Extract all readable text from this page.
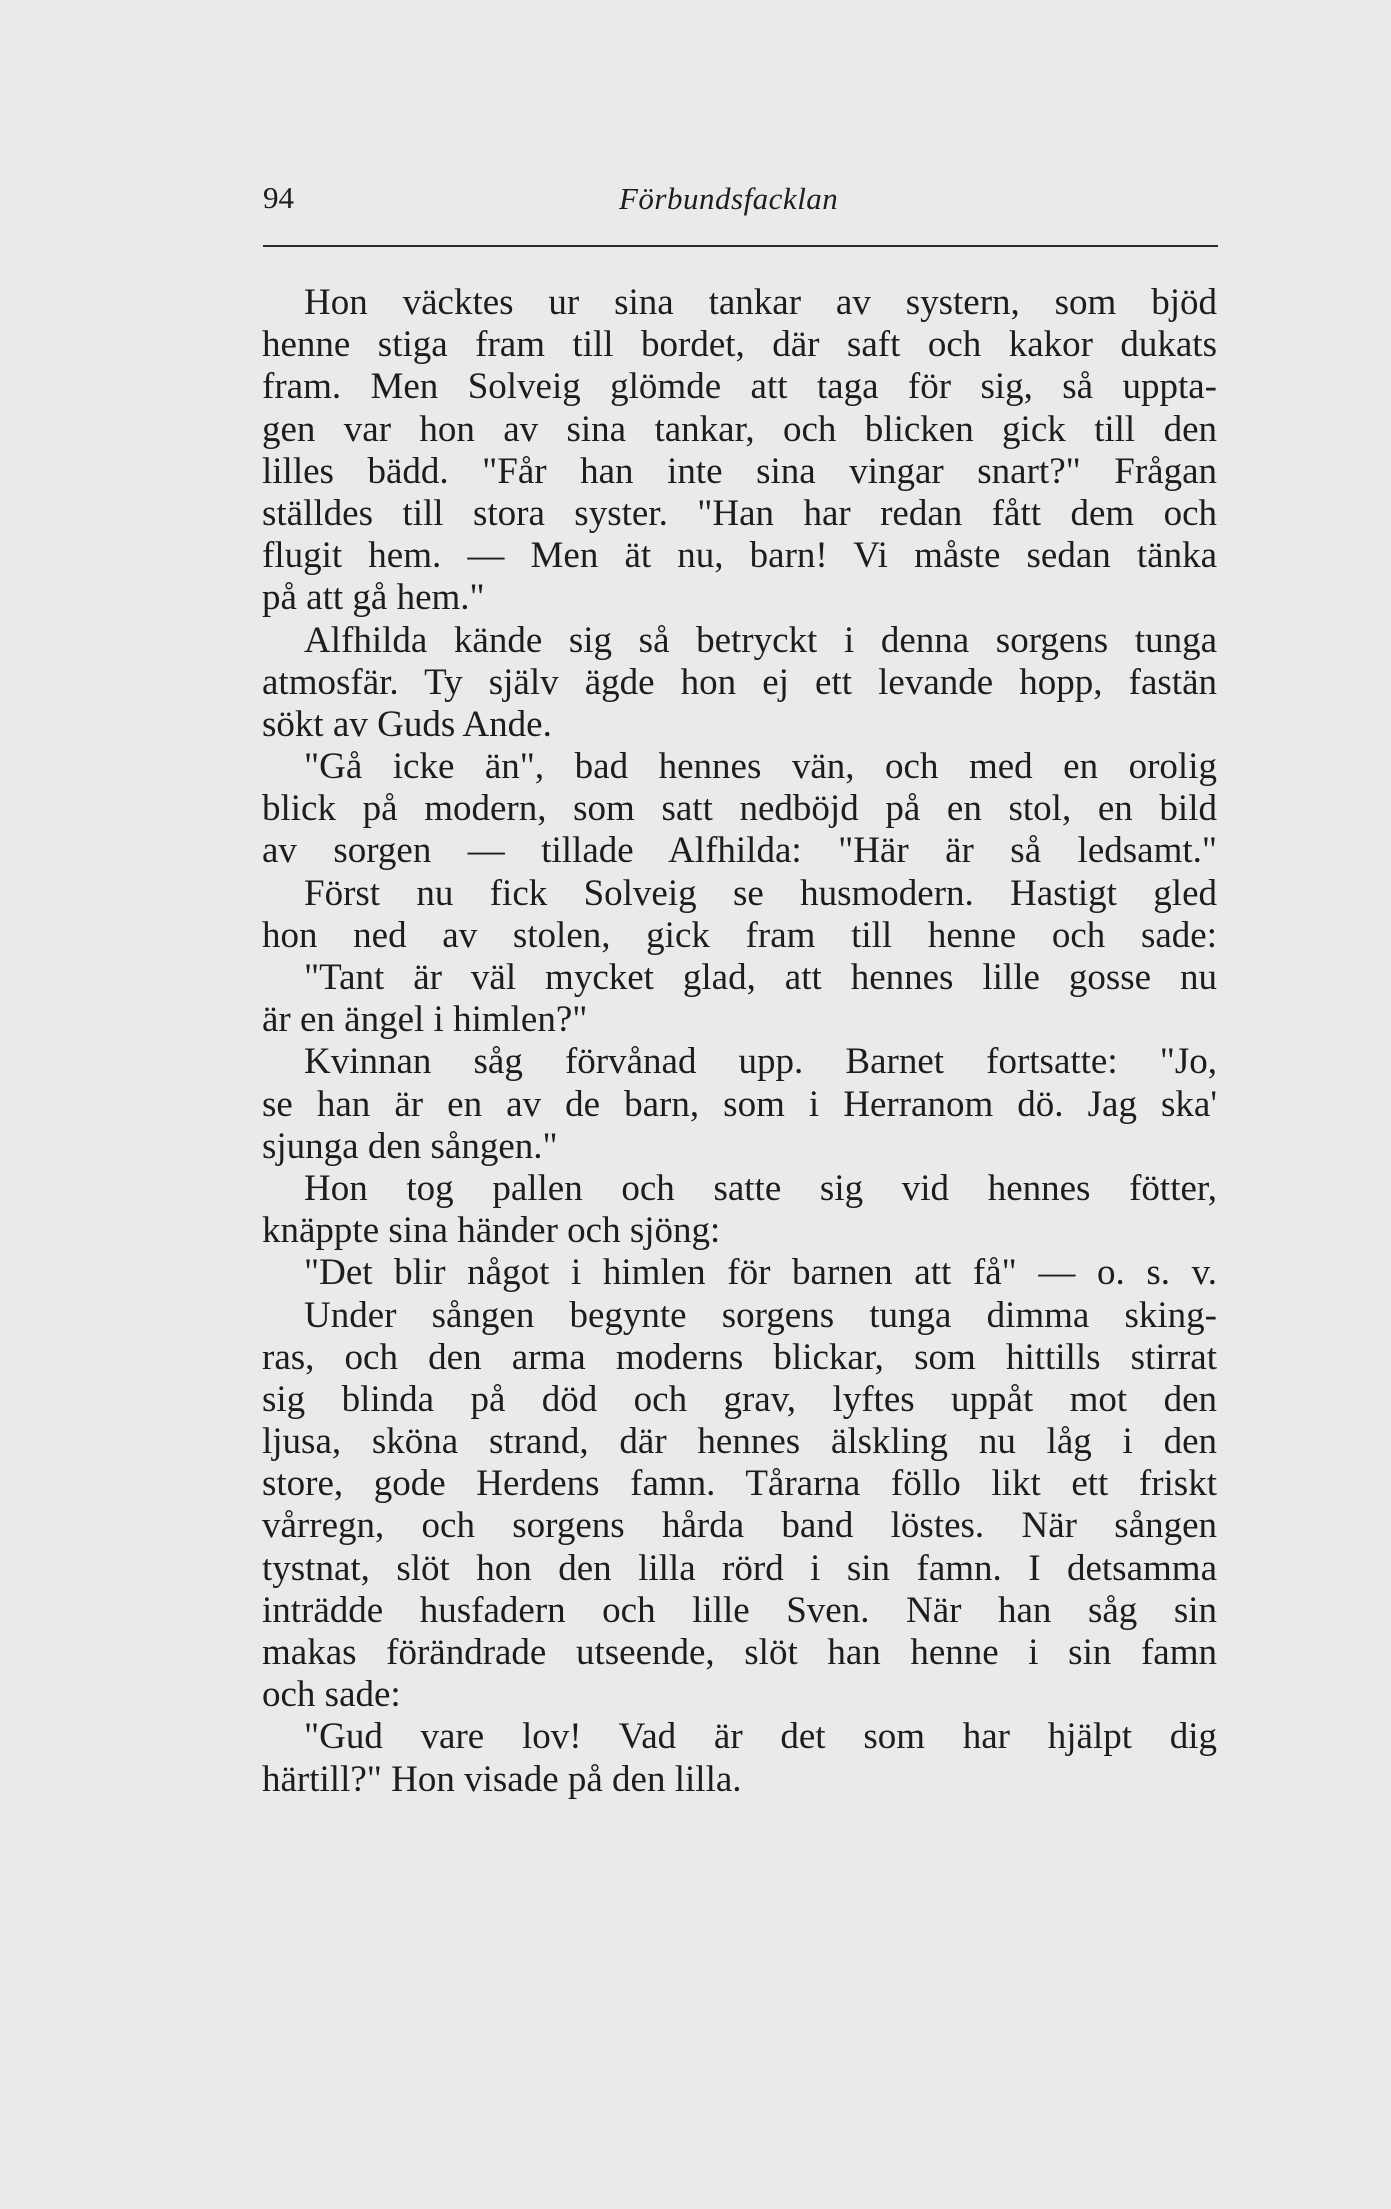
94	Förbundsfacklan
Hon väcktes ur sina tankar av systern, som bjöd
henne stiga fram till bordet, där saft och kakor dukats
fram. Men Solveig glömde att taga för sig, så uppta-
gen var hon av sina tankar, och blicken gick till den
lilles bädd. "Får han inte sina vingar snart?" Frågan
ställdes till stora syster. "Han har redan fått dem och
flugit hem. — Men ät nu, barn! Vi måste sedan tänka
på att gå hem."
Alfhilda kände sig så betryckt i denna sorgens tunga
atmosfär. Ty själv ägde hon ej ett levande hopp, fastän
sökt av Guds Ande.
"Gå icke än", bad hennes vän, och med en orolig
blick på modern, som satt nedböjd på en stol, en bild
av sorgen — tillade Alfhilda: "Här är så ledsamt."
Först nu fick Solveig se husmodern. Hastigt gled
hon ned av stolen, gick fram till henne och sade:
"Tant är väl mycket glad, att hennes lille gosse nu
är en ängel i himlen?"
Kvinnan såg förvånad upp. Barnet fortsatte: "Jo,
se han är en av de barn, som i Herranom dö. Jag ska'
sjunga den sången."
Hon tog pallen och satte sig vid hennes fötter,
knäppte sina händer och sjöng:
"Det blir något i himlen för barnen att få" — o. s. v.
Under sången begynte sorgens tunga dimma sking-
ras, och den arma moderns blickar, som hittills stirrat
sig blinda på död och grav, lyftes uppåt mot den
ljusa, sköna strand, där hennes älskling nu låg i den
store, gode Herdens famn. Tårarna föllo likt ett friskt
vårregn, och sorgens hårda band löstes. När sången
tystnat, slöt hon den lilla rörd i sin famn. I detsamma
inträdde husfadern och lille Sven. När han såg sin
makas förändrade utseende, slöt han henne i sin famn
och sade:
"Gud vare lov! Vad är det som har hjälpt dig
härtill?" Hon visade på den lilla.
